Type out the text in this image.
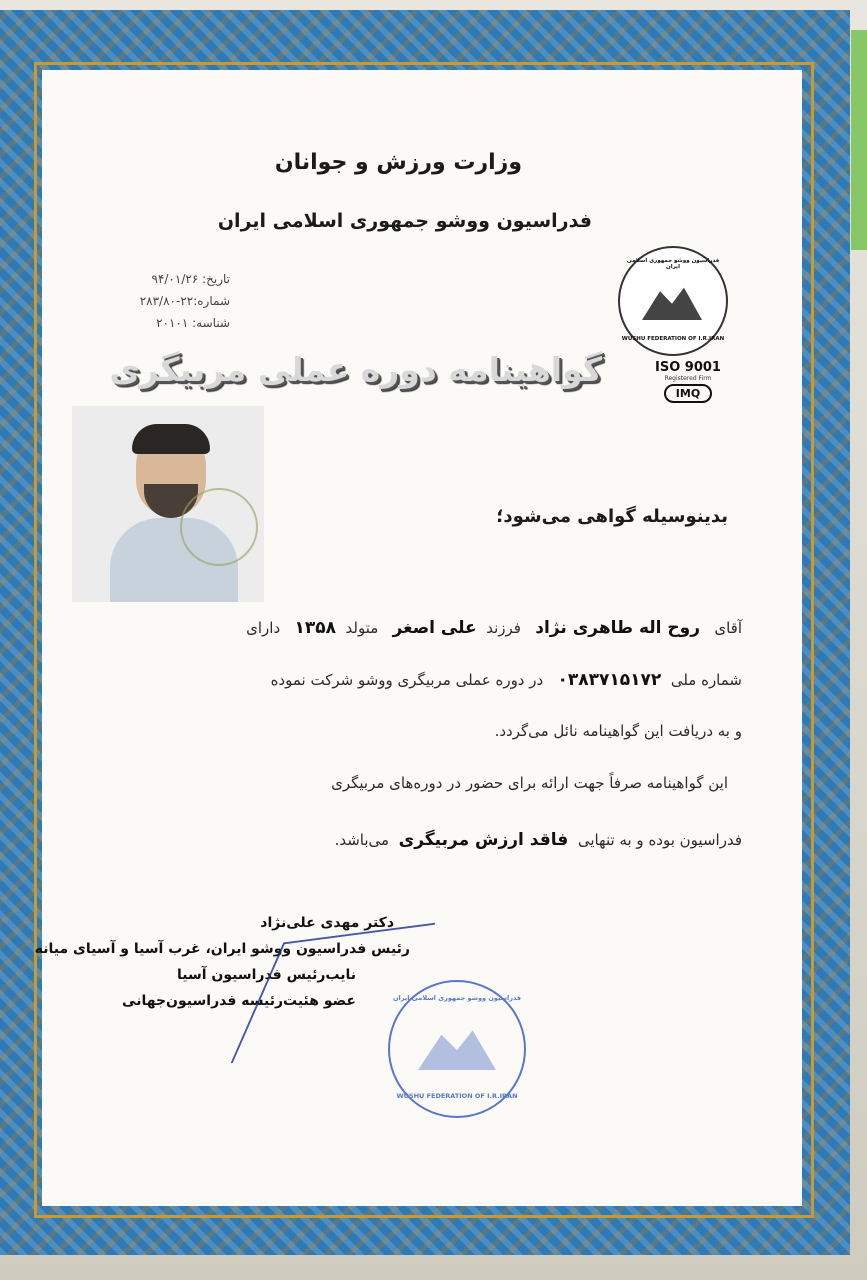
وزارت ورزش و جوانان
فدراسیون ووشو جمهوری اسلامی ایران
تاریخ: ۹۴/۰۱/۲۶
شماره:۲۲-۲۸۳/۸۰
شناسه: ۲۰۱۰۱
فدراسیون ووشو جمهوری اسلامی ایران
WUSHU FEDERATION OF I.R.IRAN
ISO 9001
Registered Firm
IMQ
گواهینامه دوره عملی مربیگری
بدینوسیله گواهی می‌شود؛
آقای   روح اله طاهری نژاد   فرزند  علی اصغر   متولد  ۱۳۵۸   دارای
شماره ملی  ۰۳۸۳۷۱۵۱۷۲   در دوره عملی مربیگری ووشو شرکت نموده
و به دریافت این گواهینامه نائل می‌گردد.
این گواهینامه صرفاً جهت ارائه برای حضور در دوره‌های مربیگری
فدراسیون بوده و به تنهایی  فاقد ارزش مربیگری  می‌باشد.
دکتر مهدی علی‌نژاد
رئیس فدراسیون ووشو ایران، غرب آسیا و آسیای میانه
نایب‌رئیس فدراسیون آسیا
عضو هئیت‌رئیسه فدراسیون‌جهانی	فدراسیون ووشو جمهوری اسلامی ایران
WUSHU FEDERATION OF I.R.IRAN
